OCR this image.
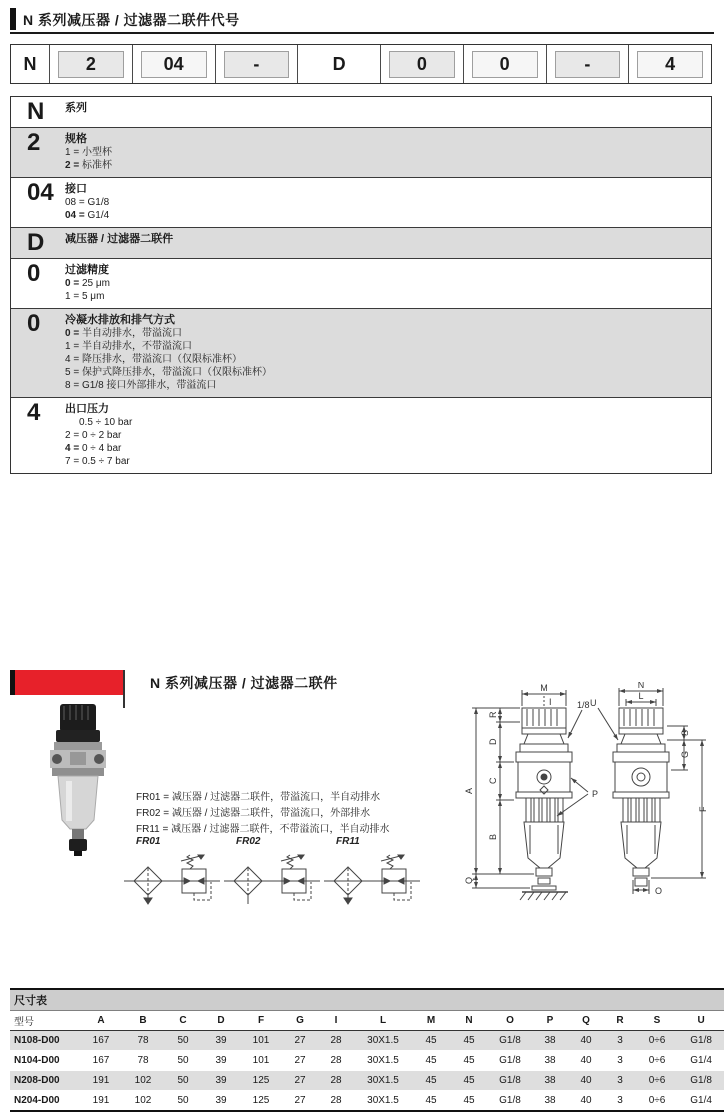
N 系列减压器 / 过滤器二联件代号
N	2	04	-	D	0	0	-	4
N	系列
2	规格
1 = 小型杯
2 = 标准杯
04	接口
08 = G1/8
04 = G1/4
D	减压器 / 过滤器二联件
0	过滤精度
0 = 25 μm
1 = 5 μm
0	冷凝水排放和排气方式
0 = 半自动排水，带溢流口
1 = 半自动排水，不带溢流口
4 = 降压排水，带溢流口（仅限标准杯）
5 = 保护式降压排水，带溢流口（仅限标准杯）
8 = G1/8 接口外部排水，带溢流口
4	出口压力
0.5 ÷ 10 bar
2 = 0 ÷ 2 bar
4 = 0 ÷ 4 bar
7 = 0.5 ÷ 7 bar
N 系列减压器 / 过滤器二联件
FR01 = 减压器 / 过滤器二联件，带溢流口，半自动排水
FR02 = 减压器 / 过滤器二联件，带溢流口，外部排水
FR11 = 减压器 / 过滤器二联件，不带溢流口，半自动排水
FR01	FR02	FR11
M
I
R
D
C
A
B
Q
1/8
P
N
L
U
S
G
F
O
尺寸表																
型号	A	B	C	D	F	G	I	L	M	N	O	P	Q	R	S	U
N108-D00	167	78	50	39	101	27	28	30X1.5	45	45	G1/8	38	40	3	0÷6	G1/8
N104-D00	167	78	50	39	101	27	28	30X1.5	45	45	G1/8	38	40	3	0÷6	G1/4
N208-D00	191	102	50	39	125	27	28	30X1.5	45	45	G1/8	38	40	3	0÷6	G1/8
N204-D00	191	102	50	39	125	27	28	30X1.5	45	45	G1/8	38	40	3	0÷6	G1/4
